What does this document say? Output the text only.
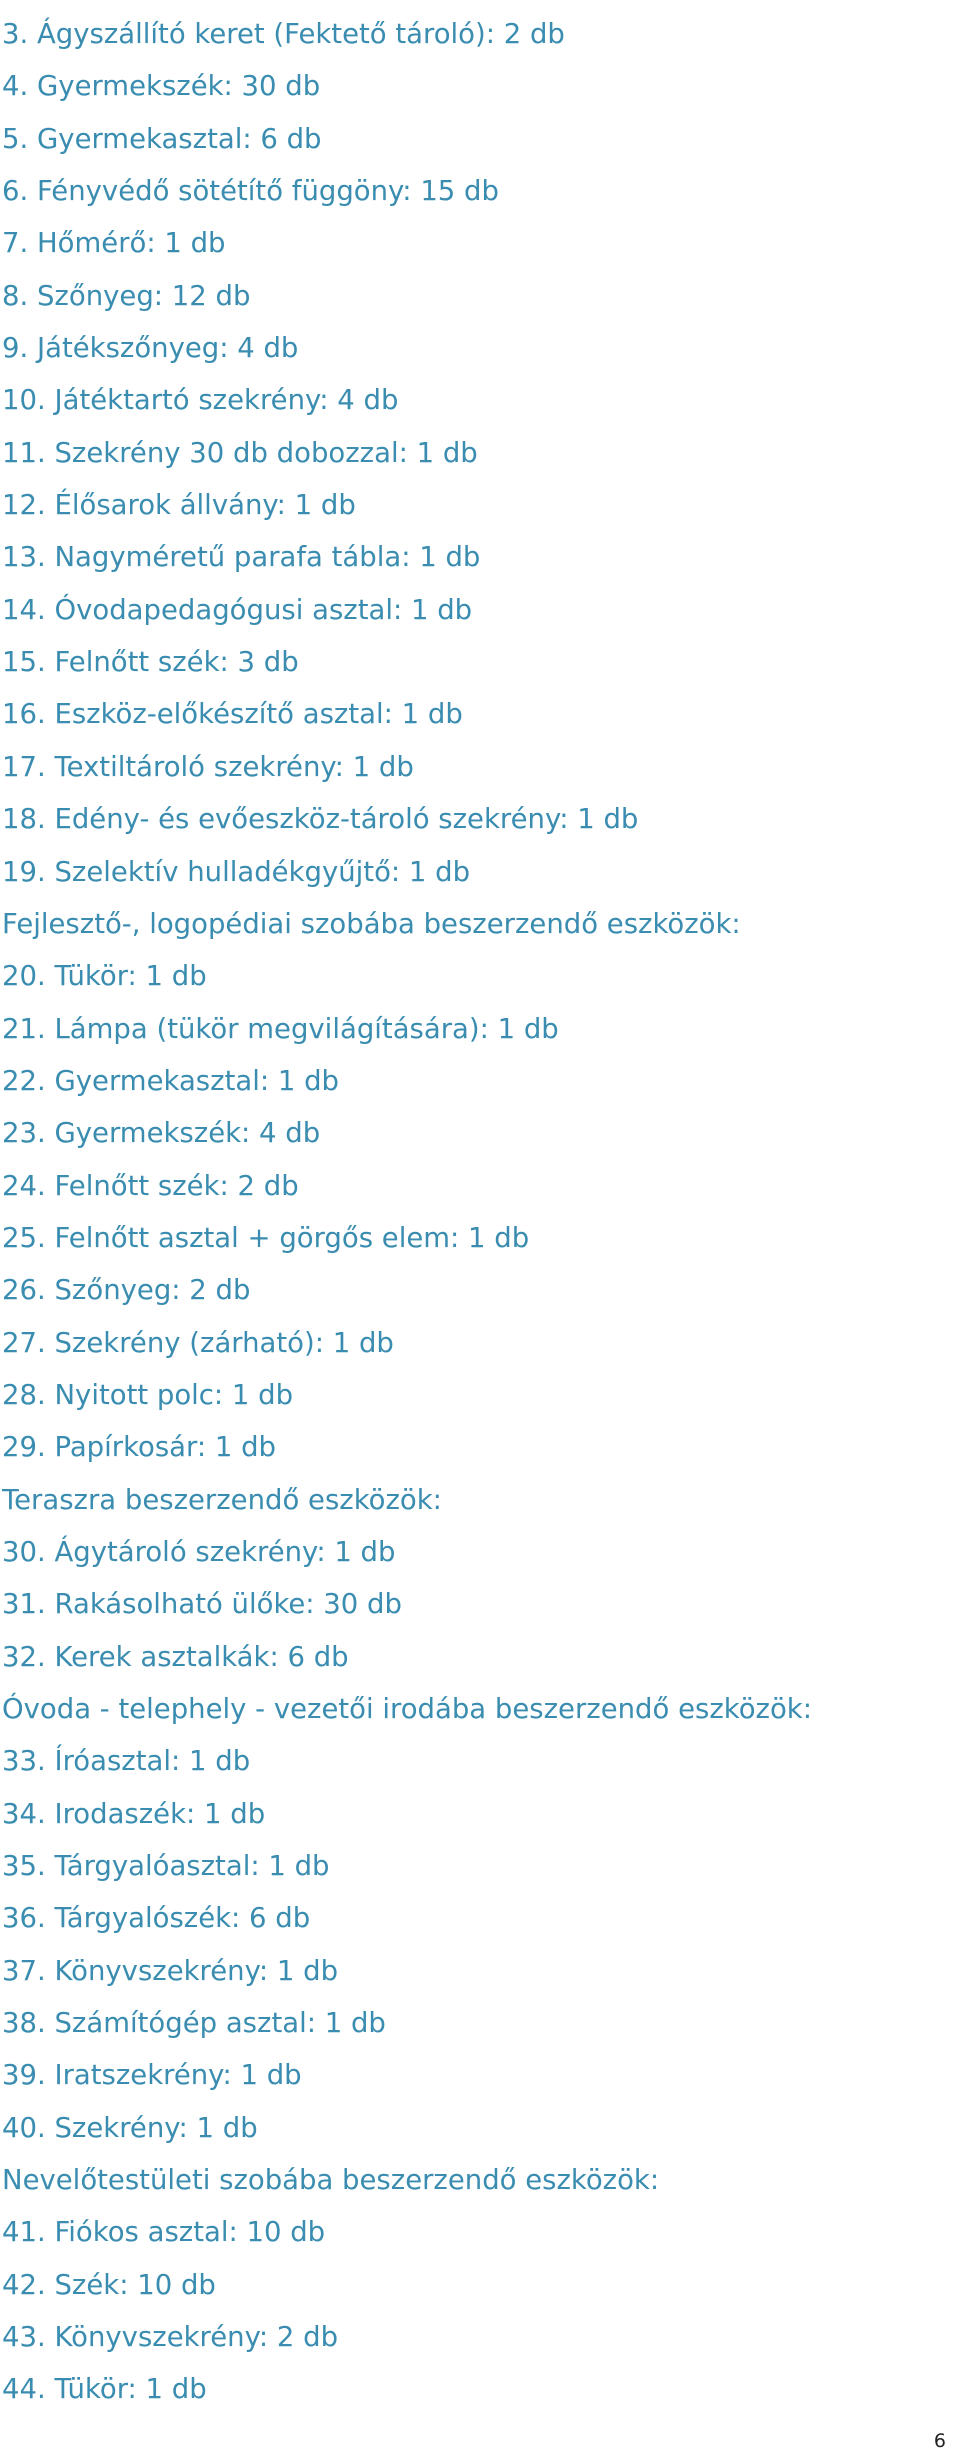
3. Ágyszállító keret (Fektető tároló): 2 db
4. Gyermekszék: 30 db
5. Gyermekasztal: 6 db
6. Fényvédő sötétítő függöny: 15 db
7. Hőmérő: 1 db
8. Szőnyeg: 12 db
9. Játékszőnyeg: 4 db
10. Játéktartó szekrény: 4 db
11. Szekrény 30 db dobozzal: 1 db
12. Élősarok állvány: 1 db
13. Nagyméretű parafa tábla: 1 db
14. Óvodapedagógusi asztal: 1 db
15. Felnőtt szék: 3 db
16. Eszköz-előkészítő asztal: 1 db
17. Textiltároló szekrény: 1 db
18. Edény- és evőeszköz-tároló szekrény: 1 db
19. Szelektív hulladékgyűjtő: 1 db
Fejlesztő-, logopédiai szobába beszerzendő eszközök:
20. Tükör: 1 db
21. Lámpa (tükör megvilágítására): 1 db
22. Gyermekasztal: 1 db
23. Gyermekszék: 4 db
24. Felnőtt szék: 2 db
25. Felnőtt asztal + görgős elem: 1 db
26. Szőnyeg: 2 db
27. Szekrény (zárható): 1 db
28. Nyitott polc: 1 db
29. Papírkosár: 1 db
Teraszra beszerzendő eszközök:
30. Ágytároló szekrény: 1 db
31. Rakásolható ülőke: 30 db
32. Kerek asztalkák: 6 db
Óvoda - telephely - vezetői irodába beszerzendő eszközök:
33. Íróasztal: 1 db
34. Irodaszék: 1 db
35. Tárgyalóasztal: 1 db
36. Tárgyalószék: 6 db
37. Könyvszekrény: 1 db
38. Számítógép asztal: 1 db
39. Iratszekrény: 1 db
40. Szekrény: 1 db
Nevelőtestületi szobába beszerzendő eszközök:
41. Fiókos asztal: 10 db
42. Szék: 10 db
43. Könyvszekrény: 2 db
44. Tükör: 1 db
6
